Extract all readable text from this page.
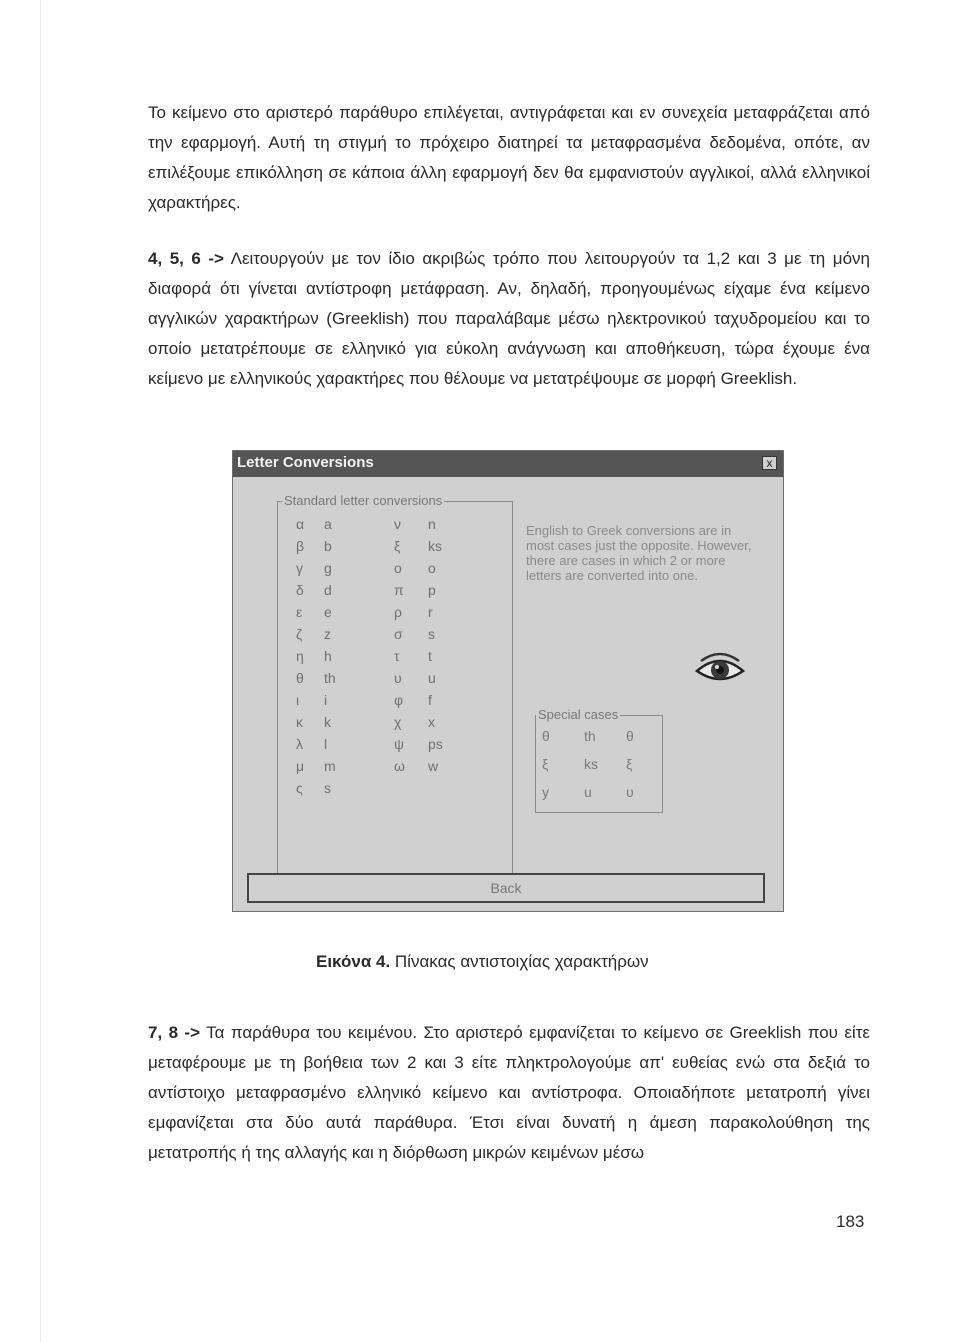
Το κείμενο στο αριστερό παράθυρο επιλέγεται, αντιγράφεται και εν συνεχεία μεταφράζεται από την εφαρμογή. Αυτή τη στιγμή το πρόχειρο διατηρεί τα μεταφρασμένα δεδομένα, οπότε, αν επιλέξουμε επικόλληση σε κάποια άλλη εφαρμογή δεν θα εμφανιστούν αγγλικοί, αλλά ελληνικοί χαρακτήρες.

4, 5, 6 -> Λειτουργούν με τον ίδιο ακριβώς τρόπο που λειτουργούν τα 1,2 και 3 με τη μόνη διαφορά ότι γίνεται αντίστροφη μετάφραση. Αν, δηλαδή, προηγουμένως είχαμε ένα κείμενο αγγλικών χαρακτήρων (Greeklish) που παραλάβαμε μέσω ηλεκτρονικού ταχυδρομείου και το οποίο μετατρέπουμε σε ελληνικό για εύκολη ανάγνωση και αποθήκευση, τώρα έχουμε ένα κείμενο με ελληνικούς χαρακτήρες που θέλουμε να μετατρέψουμε σε μορφή Greeklish.

Letter Conversions	x
Standard letter conversions
α a	ν n
β b	ξ ks
γ g	ο o
δ d	π p
ε e	ρ r
ζ z	σ s
η h	τ t
θ th	υ u
ι i	φ f
κ k	χ x
λ l	ψ ps
μ m	ω w
ς s
English to Greek conversions are in most cases just the opposite. However, there are cases in which 2 or more letters are converted into one.
Special cases
θ th θ
ξ	ks ξ
y	u υ
Back
Εικόνα 4. Πίνακας αντιστοιχίας χαρακτήρων

7, 8 -> Τα παράθυρα του κειμένου. Στο αριστερό εμφανίζεται το κείμενο σε Greeklish που είτε μεταφέρουμε με τη βοήθεια των 2 και 3 είτε πληκτρολογούμε απ' ευθείας ενώ στα δεξιά το αντίστοιχο μεταφρασμένο ελληνικό κείμενο και αντίστροφα. Οποιαδήποτε μετατροπή γίνει εμφανίζεται στα δύο αυτά παράθυρα. Έτσι είναι δυνατή η άμεση παρακολούθηση της μετατροπής ή της αλλαγής και η διόρθωση μικρών κειμένων μέσω

183
